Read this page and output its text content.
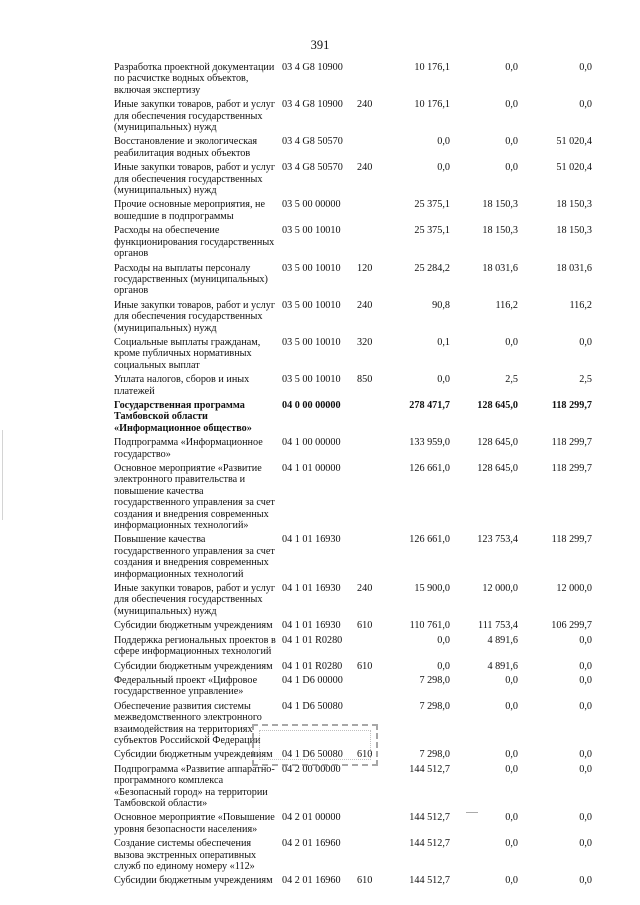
391
Разработка проектной документации по расчистке водных объектов, включая экспертизу	03 4 G8 10900		10 176,1	0,0	0,0
Иные закупки товаров, работ и услуг для обеспечения государственных (муниципальных) нужд	03 4 G8 10900	240	10 176,1	0,0	0,0
Восстановление и экологическая реабилитация водных объектов	03 4 G8 50570		0,0	0,0	51 020,4
Иные закупки товаров, работ и услуг для обеспечения государственных (муниципальных) нужд	03 4 G8 50570	240	0,0	0,0	51 020,4
Прочие основные мероприятия, не вошедшие в подпрограммы	03 5 00 00000		25 375,1	18 150,3	18 150,3
Расходы на обеспечение функционирования государственных органов	03 5 00 10010		25 375,1	18 150,3	18 150,3
Расходы на выплаты персоналу государственных (муниципальных) органов	03 5 00 10010	120	25 284,2	18 031,6	18 031,6
Иные закупки товаров, работ и услуг для обеспечения государственных (муниципальных) нужд	03 5 00 10010	240	90,8	116,2	116,2
Социальные выплаты гражданам, кроме публичных нормативных социальных выплат	03 5 00 10010	320	0,1	0,0	0,0
Уплата налогов, сборов и иных платежей	03 5 00 10010	850	0,0	2,5	2,5
Государственная программа Тамбовской области «Информационное общество»	04 0 00 00000		278 471,7	128 645,0	118 299,7
Подпрограмма «Информационное государство»	04 1 00 00000		133 959,0	128 645,0	118 299,7
Основное мероприятие «Развитие электронного правительства и повышение качества государственного управления за счет создания и внедрения современных информационных технологий»	04 1 01 00000		126 661,0	128 645,0	118 299,7
Повышение качества государственного управления за счет создания и внедрения современных информационных технологий	04 1 01 16930		126 661,0	123 753,4	118 299,7
Иные закупки товаров, работ и услуг для обеспечения государственных (муниципальных) нужд	04 1 01 16930	240	15 900,0	12 000,0	12 000,0
Субсидии бюджетным учреждениям	04 1 01 16930	610	110 761,0	111 753,4	106 299,7
Поддержка региональных проектов в сфере информационных технологий	04 1 01 R0280		0,0	4 891,6	0,0
Субсидии бюджетным учреждениям	04 1 01 R0280	610	0,0	4 891,6	0,0
Федеральный проект «Цифровое государственное управление»	04 1 D6 00000		7 298,0	0,0	0,0
Обеспечение развития системы межведомственного электронного взаимодействия на территориях субъектов Российской Федерации	04 1 D6 50080		7 298,0	0,0	0,0
Субсидии бюджетным учреждениям	04 1 D6 50080	610	7 298,0	0,0	0,0
Подпрограмма «Развитие аппаратно-программного комплекса «Безопасный город» на территории Тамбовской области»	04 2 00 00000		144 512,7	0,0	0,0
Основное мероприятие «Повышение уровня безопасности населения»	04 2 01 00000		144 512,7	0,0	0,0
Создание системы обеспечения вызова экстренных оперативных служб по единому номеру «112»	04 2 01 16960		144 512,7	0,0	0,0
Субсидии бюджетным учреждениям	04 2 01 16960	610	144 512,7	0,0	0,0
